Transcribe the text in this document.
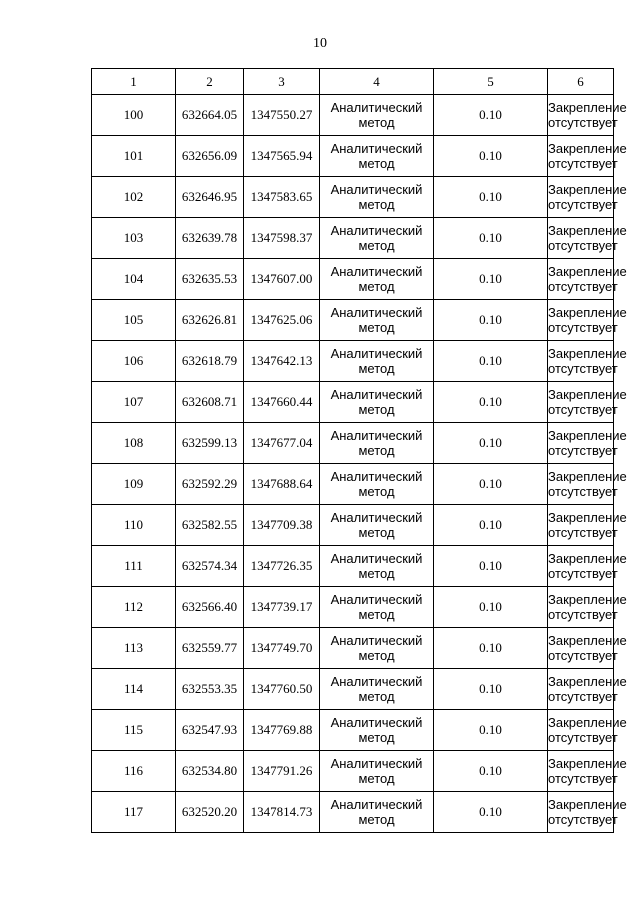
10
1	2	3	4	5	6
100	632664.05	1347550.27	Аналитический
метод	0.10	Закрепление
отсутствует

101	632656.09	1347565.94	Аналитический
метод	0.10	Закрепление
отсутствует

102	632646.95	1347583.65	Аналитический
метод	0.10	Закрепление
отсутствует

103	632639.78	1347598.37	Аналитический
метод	0.10	Закрепление
отсутствует

104	632635.53	1347607.00	Аналитический
метод	0.10	Закрепление
отсутствует

105	632626.81	1347625.06	Аналитический
метод	0.10	Закрепление
отсутствует

106	632618.79	1347642.13	Аналитический
метод	0.10	Закрепление
отсутствует

107	632608.71	1347660.44	Аналитический
метод	0.10	Закрепление
отсутствует

108	632599.13	1347677.04	Аналитический
метод	0.10	Закрепление
отсутствует

109	632592.29	1347688.64	Аналитический
метод	0.10	Закрепление
отсутствует

110	632582.55	1347709.38	Аналитический
метод	0.10	Закрепление
отсутствует

111	632574.34	1347726.35	Аналитический
метод	0.10	Закрепление
отсутствует

112	632566.40	1347739.17	Аналитический
метод	0.10	Закрепление
отсутствует

113	632559.77	1347749.70	Аналитический
метод	0.10	Закрепление
отсутствует

114	632553.35	1347760.50	Аналитический
метод	0.10	Закрепление
отсутствует

115	632547.93	1347769.88	Аналитический
метод	0.10	Закрепление
отсутствует

116	632534.80	1347791.26	Аналитический
метод	0.10	Закрепление
отсутствует

117	632520.20	1347814.73	Аналитический
метод	0.10	Закрепление
отсутствует
